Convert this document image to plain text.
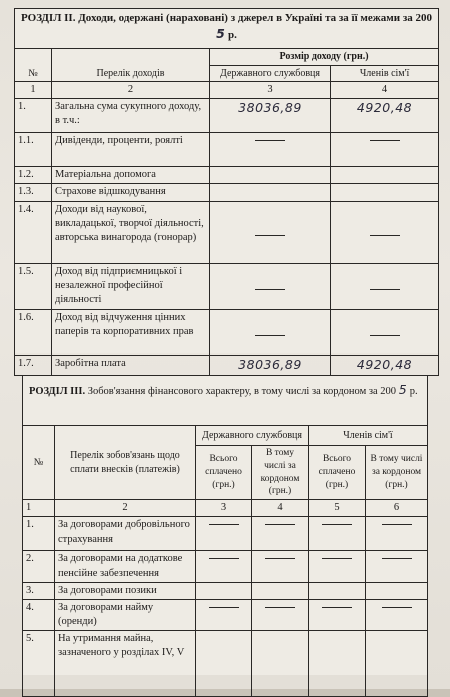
РОЗДІЛ II. Доходи, одержані (нараховані) з джерел в Україні та за її межами за 200 5 р.			
№	Перелік доходів	Розмір доходу (грн.)	
		Державного службовця	Членів сім'ї
1	2	3	4
1.	Загальна сума сукупного доходу, в т.ч.:	38036,89	4920,48
1.1.	Дивіденди, проценти, роялті	

1.2.	Матеріальна допомога		
1.3.	Страхове відшкодування		
1.4.	Доходи від наукової, викладацької, творчої діяльності, авторська винагорода (гонорар)	

1.5.	Доход від підприємницької і незалежної професійної діяльності	

1.6.	Доход від відчуження цінних паперів та корпоративних прав	

1.7.	Заробітна плата	38036,89	4920,48
РОЗДІЛ III. Зобов'язання фінансового характеру, в тому числі за кордоном за 200 5 р.					
№	Перелік зобов'язань щодо сплати внесків (платежів)	Державного службовця		Членів сім'ї	
		Всього сплачено (грн.)	В тому числі за кордоном (грн.)	Всього сплачено (грн.)	В тому числі за кордоном (грн.)
1	2	3	4	5	6
1.	За договорами добровільного страхування	

2.	За договорами на додаткове пенсійне забезпечення	

3.	За договорами позики				
4.	За договорами найму (оренди)	

5.	На утримання майна, зазначеного у розділах IV, V				
